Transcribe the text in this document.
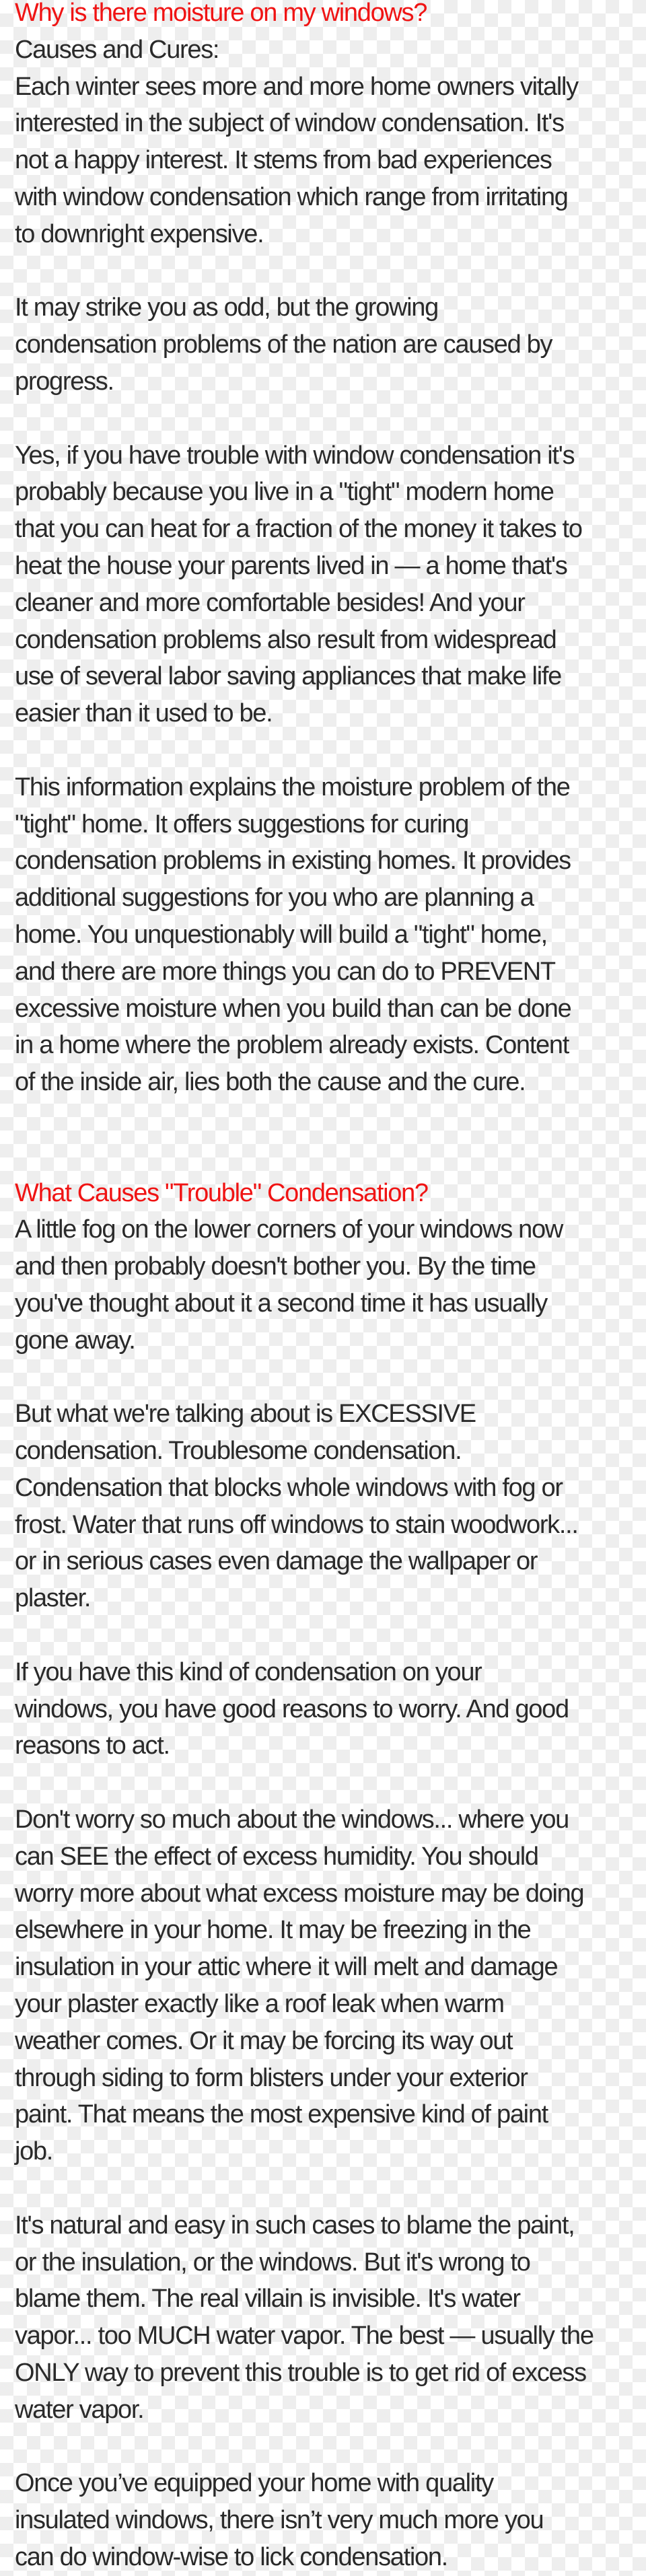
Why is there moisture on my windows?
Causes and Cures:
Each winter sees more and more home owners vitally
interested in the subject of window condensation. It's
not a happy interest. It stems from bad experiences
with window condensation which range from irritating
to downright expensive.
It may strike you as odd, but the growing
condensation problems of the nation are caused by
progress.
Yes, if you have trouble with window condensation it's
probably because you live in a "tight" modern home
that you can heat for a fraction of the money it takes to
heat the house your parents lived in — a home that's
cleaner and more comfortable besides! And your
condensation problems also result from widespread
use of several labor saving appliances that make life
easier than it used to be.
This information explains the moisture problem of the
"tight" home. It offers suggestions for curing
condensation problems in existing homes. It provides
additional suggestions for you who are planning a
home. You unquestionably will build a "tight" home,
and there are more things you can do to PREVENT
excessive moisture when you build than can be done
in a home where the problem already exists. Content
of the inside air, lies both the cause and the cure.
What Causes "Trouble" Condensation?
A little fog on the lower corners of your windows now
and then probably doesn't bother you. By the time
you've thought about it a second time it has usually
gone away.
But what we're talking about is EXCESSIVE
condensation. Troublesome condensation.
Condensation that blocks whole windows with fog or
frost. Water that runs off windows to stain woodwork...
or in serious cases even damage the wallpaper or
plaster.
If you have this kind of condensation on your
windows, you have good reasons to worry. And good
reasons to act.
Don't worry so much about the windows... where you
can SEE the effect of excess humidity. You should
worry more about what excess moisture may be doing
elsewhere in your home. It may be freezing in the
insulation in your attic where it will melt and damage
your plaster exactly like a roof leak when warm
weather comes. Or it may be forcing its way out
through siding to form blisters under your exterior
paint. That means the most expensive kind of paint
job.
It's natural and easy in such cases to blame the paint,
or the insulation, or the windows. But it's wrong to
blame them. The real villain is invisible. It's water
vapor... too MUCH water vapor. The best — usually the
ONLY way to prevent this trouble is to get rid of excess
water vapor.
Once you’ve equipped your home with quality
insulated windows, there isn’t very much more you
can do window-wise to lick condensation.
